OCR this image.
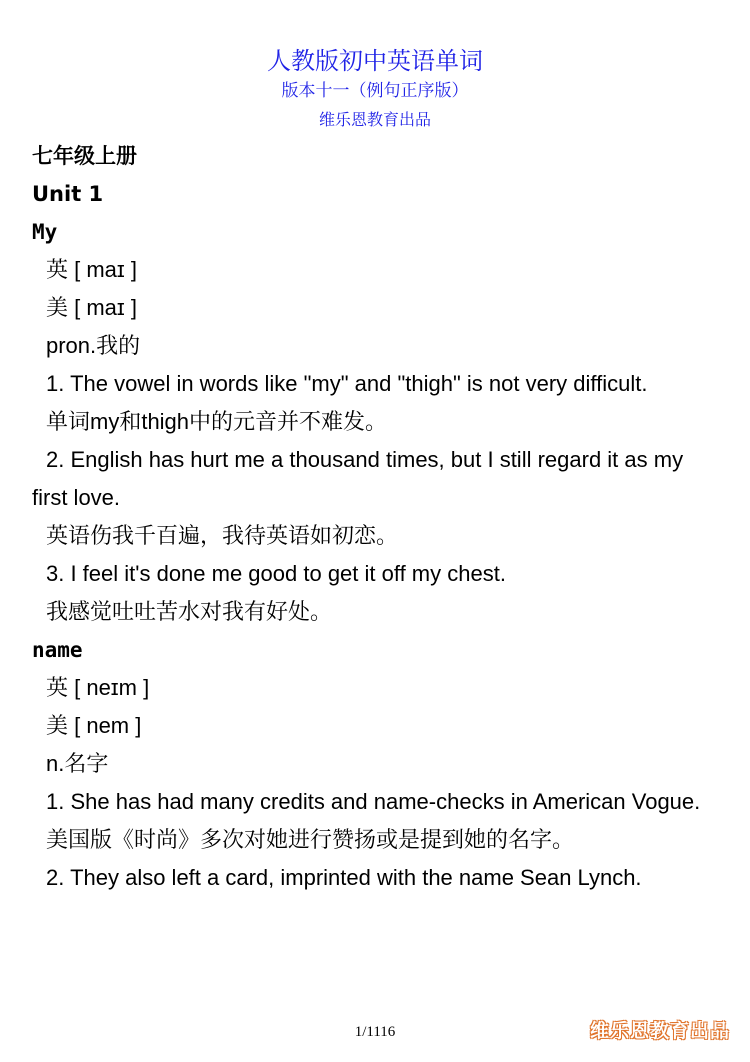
人教版初中英语单词
版本十一（例句正序版）
维乐恩教育出品
七年级上册
Unit 1
My
英 [ maɪ ]
美 [ maɪ ]
pron.我的
1. The vowel in words like "my" and "thigh" is not very difficult.
单词my和thigh中的元音并不难发。
2. English has hurt me a thousand times, but I still regard it as my first love.
英语伤我千百遍，我待英语如初恋。
3. I feel it's done me good to get it off my chest.
我感觉吐吐苦水对我有好处。
name
英 [ neɪm ]
美 [ nem ]
n.名字
1. She has had many credits and name-checks in American Vogue.
美国版《时尚》多次对她进行赞扬或是提到她的名字。
2. They also left a card, imprinted with the name Sean Lynch.
1/1116	维乐恩教育出品
